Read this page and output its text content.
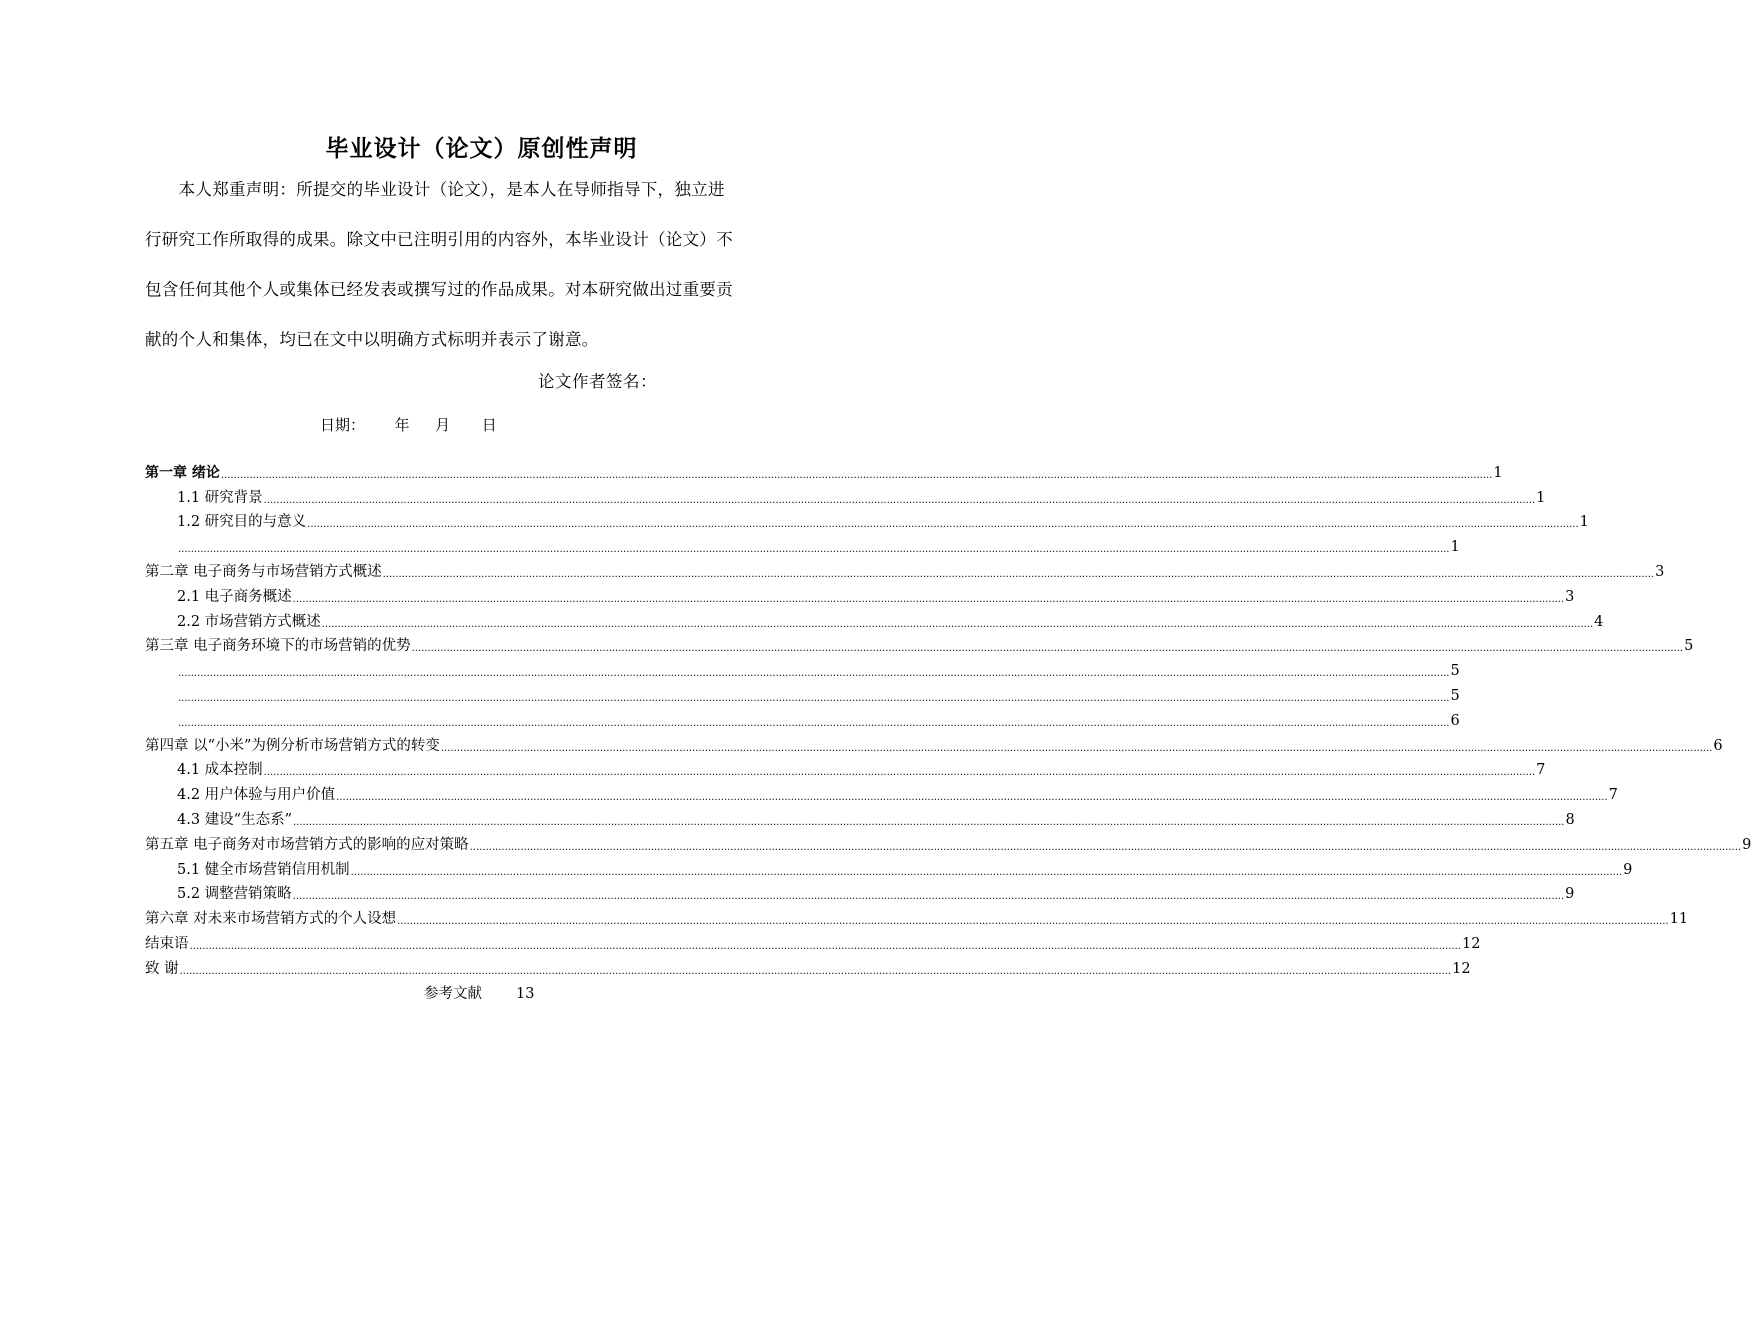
毕业设计（论文）原创性声明
　　本人郑重声明：所提交的毕业设计（论文），是本人在导师指导下，独立进
行研究工作所取得的成果。除文中已注明引用的内容外，本毕业设计（论文）不
包含任何其他个人或集体已经发表或撰写过的作品成果。对本研究做出过重要贡
献的个人和集体，均已在文中以明确方式标明并表示了谢意。
论文作者签名：
日期： 年 月 日
第一章 绪论 ................................................................................................................................................................................................................................................................................................................................................................................................................ 1
1.1 研究背景 ................................................................................................................................................................................................................................................................................................................................................................................................................ 1
1.2 研究目的与意义 ................................................................................................................................................................................................................................................................................................................................................................................................................ 1
................................................................................................................................................................................................................................................................................................................................................................................................................ 1
第二章 电子商务与市场营销方式概述 ................................................................................................................................................................................................................................................................................................................................................................................................................ 3
2.1 电子商务概述 ................................................................................................................................................................................................................................................................................................................................................................................................................ 3
2.2 市场营销方式概述 ................................................................................................................................................................................................................................................................................................................................................................................................................ 4
第三章 电子商务环境下的市场营销的优势 ................................................................................................................................................................................................................................................................................................................................................................................................................ 5
................................................................................................................................................................................................................................................................................................................................................................................................................ 5
................................................................................................................................................................................................................................................................................................................................................................................................................ 5
................................................................................................................................................................................................................................................................................................................................................................................................................ 6
第四章 以“小米”为例分析市场营销方式的转变 ................................................................................................................................................................................................................................................................................................................................................................................................................ 6
4.1 成本控制 ................................................................................................................................................................................................................................................................................................................................................................................................................ 7
4.2 用户体验与用户价值 ................................................................................................................................................................................................................................................................................................................................................................................................................ 7
4.3 建设“生态系” ................................................................................................................................................................................................................................................................................................................................................................................................................ 8
第五章 电子商务对市场营销方式的影响的应对策略 ................................................................................................................................................................................................................................................................................................................................................................................................................ 9
5.1 健全市场营销信用机制 ................................................................................................................................................................................................................................................................................................................................................................................................................ 9
5.2 调整营销策略 ................................................................................................................................................................................................................................................................................................................................................................................................................ 9
第六章 对未来市场营销方式的个人设想 ................................................................................................................................................................................................................................................................................................................................................................................................................ 11
结束语 ................................................................................................................................................................................................................................................................................................................................................................................................................ 12
致 谢 ................................................................................................................................................................................................................................................................................................................................................................................................................ 12
参考文献 13
